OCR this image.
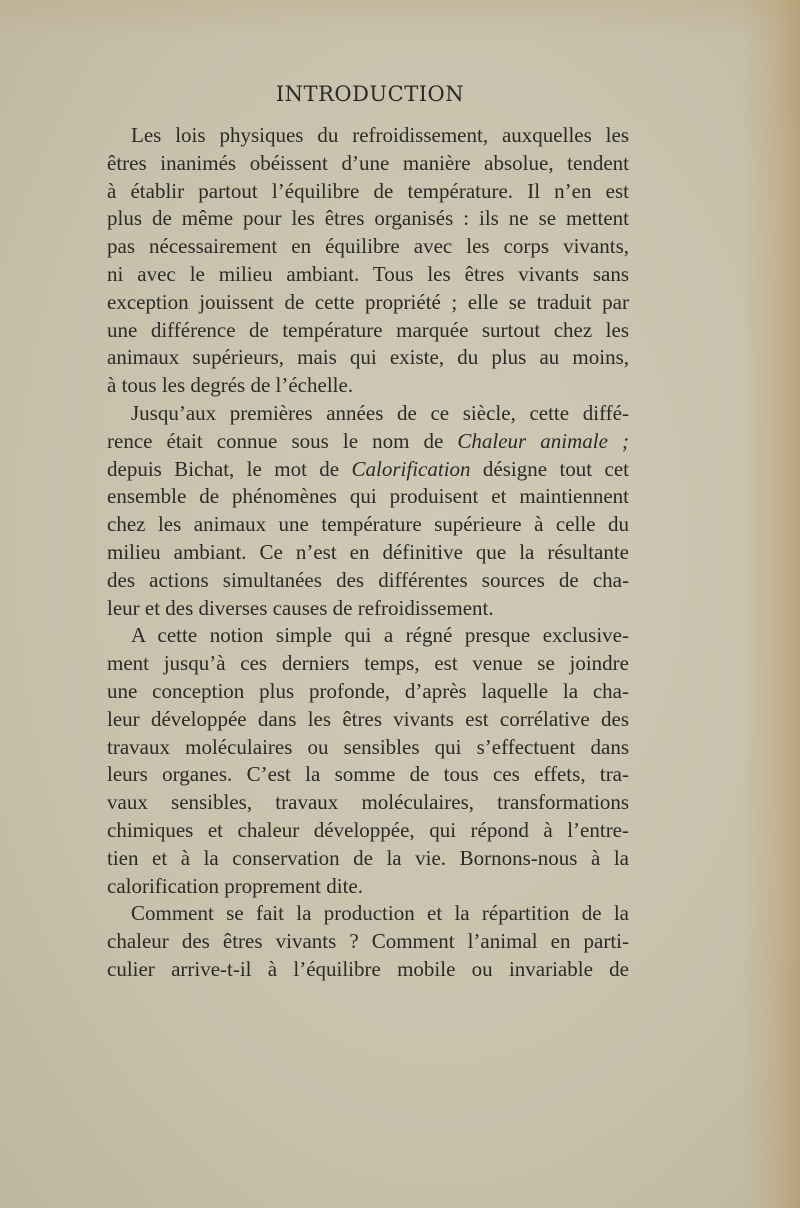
INTRODUCTION
Les lois physiques du refroidissement, auxquelles les
êtres inanimés obéissent d’une manière absolue, tendent
à établir partout l’équilibre de température. Il n’en est
plus de même pour les êtres organisés : ils ne se mettent
pas nécessairement en équilibre avec les corps vivants,
ni avec le milieu ambiant. Tous les êtres vivants sans
exception jouissent de cette propriété ; elle se traduit par
une différence de température marquée surtout chez les
animaux supérieurs, mais qui existe, du plus au moins,
à tous les degrés de l’échelle.
Jusqu’aux premières années de ce siècle, cette diffé-
rence était connue sous le nom de Chaleur animale ;
depuis Bichat, le mot de Calorification désigne tout cet
ensemble de phénomènes qui produisent et maintiennent
chez les animaux une température supérieure à celle du
milieu ambiant. Ce n’est en définitive que la résultante
des actions simultanées des différentes sources de cha-
leur et des diverses causes de refroidissement.
A cette notion simple qui a régné presque exclusive-
ment jusqu’à ces derniers temps, est venue se joindre
une conception plus profonde, d’après laquelle la cha-
leur développée dans les êtres vivants est corrélative des
travaux moléculaires ou sensibles qui s’effectuent dans
leurs organes. C’est la somme de tous ces effets, tra-
vaux sensibles, travaux moléculaires, transformations
chimiques et chaleur développée, qui répond à l’entre-
tien et à la conservation de la vie. Bornons-nous à la
calorification proprement dite.
Comment se fait la production et la répartition de la
chaleur des êtres vivants ? Comment l’animal en parti-
culier arrive-t-il à l’équilibre mobile ou invariable de
